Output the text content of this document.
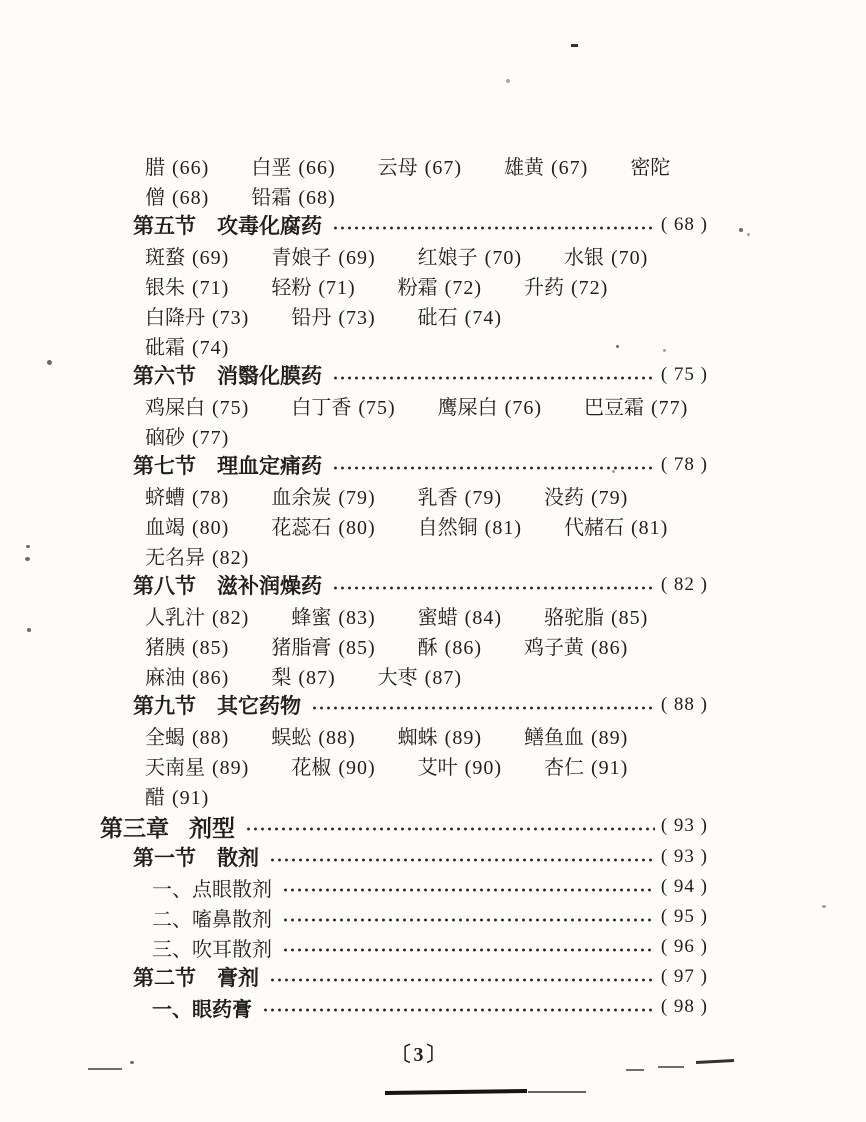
腊 (66) 白垩 (66) 云母 (67) 雄黄 (67) 密陀
僧 (68) 铅霜 (68)
第五节 攻毒化腐药	( 68 )
斑蝥 (69) 青娘子 (69) 红娘子 (70) 水银 (70)
银朱 (71) 轻粉 (71) 粉霜 (72) 升药 (72)
白降丹 (73) 铅丹 (73) 砒石 (74)
砒霜 (74)
第六节 消翳化膜药	( 75 )
鸡屎白 (75) 白丁香 (75) 鹰屎白 (76) 巴豆霜 (77)
硇砂 (77)
第七节 理血定痛药	( 78 )
蛴螬 (78) 血余炭 (79) 乳香 (79) 没药 (79)
血竭 (80) 花蕊石 (80) 自然铜 (81) 代赭石 (81)
无名异 (82)
第八节 滋补润燥药	( 82 )
人乳汁 (82) 蜂蜜 (83) 蜜蜡 (84) 骆驼脂 (85)
猪胰 (85) 猪脂膏 (85) 酥 (86) 鸡子黄 (86)
麻油 (86) 梨 (87) 大枣 (87)
第九节 其它药物	( 88 )
全蝎 (88) 蜈蚣 (88) 蜘蛛 (89) 鳝鱼血 (89)
天南星 (89) 花椒 (90) 艾叶 (90) 杏仁 (91)
醋 (91)
第三章 剂型	( 93 )
第一节 散剂	( 93 )
一、点眼散剂	( 94 )
二、㗜鼻散剂	( 95 )
三、吹耳散剂	( 96 )
第二节 膏剂	( 97 )
一、眼药膏	( 98 )
〔3〕
